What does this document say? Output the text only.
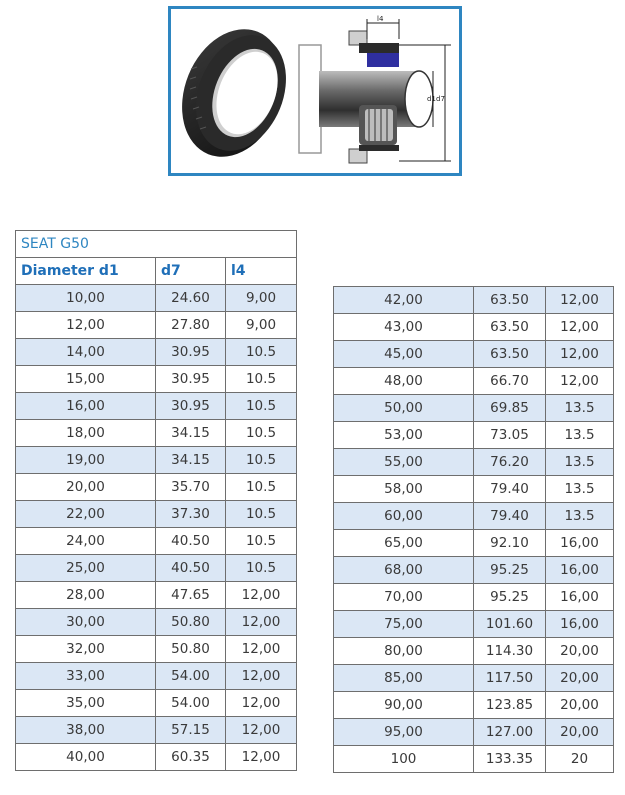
l4
d1 d7
SEAT G50		
Diameter d1	d7	l4
10,00	24.60	9,00
12,00	27.80	9,00
14,00	30.95	10.5
15,00	30.95	10.5
16,00	30.95	10.5
18,00	34.15	10.5
19,00	34.15	10.5
20,00	35.70	10.5
22,00	37.30	10.5
24,00	40.50	10.5
25,00	40.50	10.5
28,00	47.65	12,00
30,00	50.80	12,00
32,00	50.80	12,00
33,00	54.00	12,00
35,00	54.00	12,00
38,00	57.15	12,00
40,00	60.35	12,00
42,00	63.50	12,00
43,00	63.50	12,00
45,00	63.50	12,00
48,00	66.70	12,00
50,00	69.85	13.5
53,00	73.05	13.5
55,00	76.20	13.5
58,00	79.40	13.5
60,00	79.40	13.5
65,00	92.10	16,00
68,00	95.25	16,00
70,00	95.25	16,00
75,00	101.60	16,00
80,00	114.30	20,00
85,00	117.50	20,00
90,00	123.85	20,00
95,00	127.00	20,00
100	133.35	20
